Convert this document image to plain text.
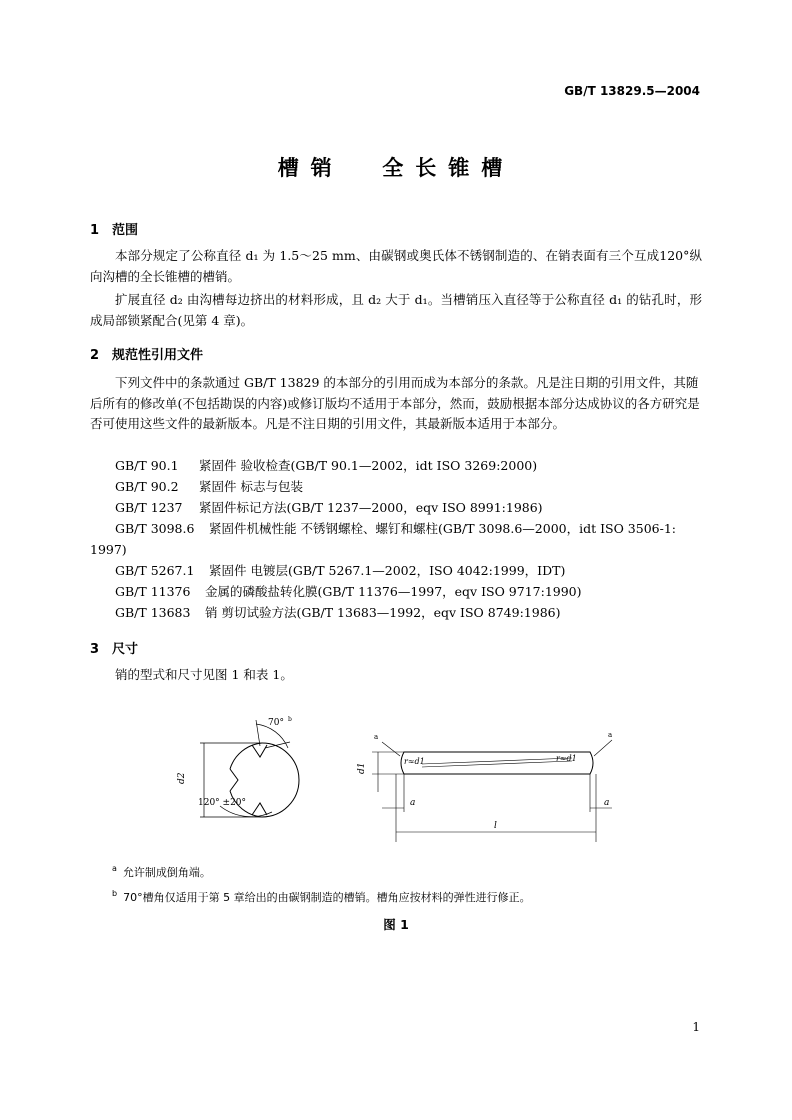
GB/T 13829.5—2004
槽销  全长锥槽
1 范围
本部分规定了公称直径 d₁ 为 1.5～25 mm、由碳钢或奥氏体不锈钢制造的、在销表面有三个互成120°纵向沟槽的全长锥槽的槽销。
扩展直径 d₂ 由沟槽每边挤出的材料形成，且 d₂ 大于 d₁。当槽销压入直径等于公称直径 d₁ 的钻孔时，形成局部锁紧配合(见第 4 章)。
2 规范性引用文件
下列文件中的条款通过 GB/T 13829 的本部分的引用而成为本部分的条款。凡是注日期的引用文件，其随后所有的修改单(不包括勘误的内容)或修订版均不适用于本部分，然而，鼓励根据本部分达成协议的各方研究是否可使用这些文件的最新版本。凡是不注日期的引用文件，其最新版本适用于本部分。
GB/T 90.1 紧固件 验收检查(GB/T 90.1—2002，idt ISO 3269:2000)
GB/T 90.2 紧固件 标志与包装
GB/T 1237 紧固件标记方法(GB/T 1237—2000，eqv ISO 8991:1986)
GB/T 3098.6 紧固件机械性能 不锈钢螺栓、螺钉和螺柱(GB/T 3098.6—2000，idt ISO 3506-1:
1997)
GB/T 5267.1 紧固件 电镀层(GB/T 5267.1—2002，ISO 4042:1999，IDT)
GB/T 11376 金属的磷酸盐转化膜(GB/T 11376—1997，eqv ISO 9717:1990)
GB/T 13683 销 剪切试验方法(GB/T 13683—1992，eqv ISO 8749:1986)
3 尺寸
销的型式和尺寸见图 1 和表 1。
70° b
120° ±20°
d2
a	a
r≈d1	r≈d1
d1
a	a
l
$^a$ 允许制成倒角端。
$^b$ 70°槽角仅适用于第 5 章给出的由碳钢制造的槽销。槽角应按材料的弹性进行修正。
图 1
1
